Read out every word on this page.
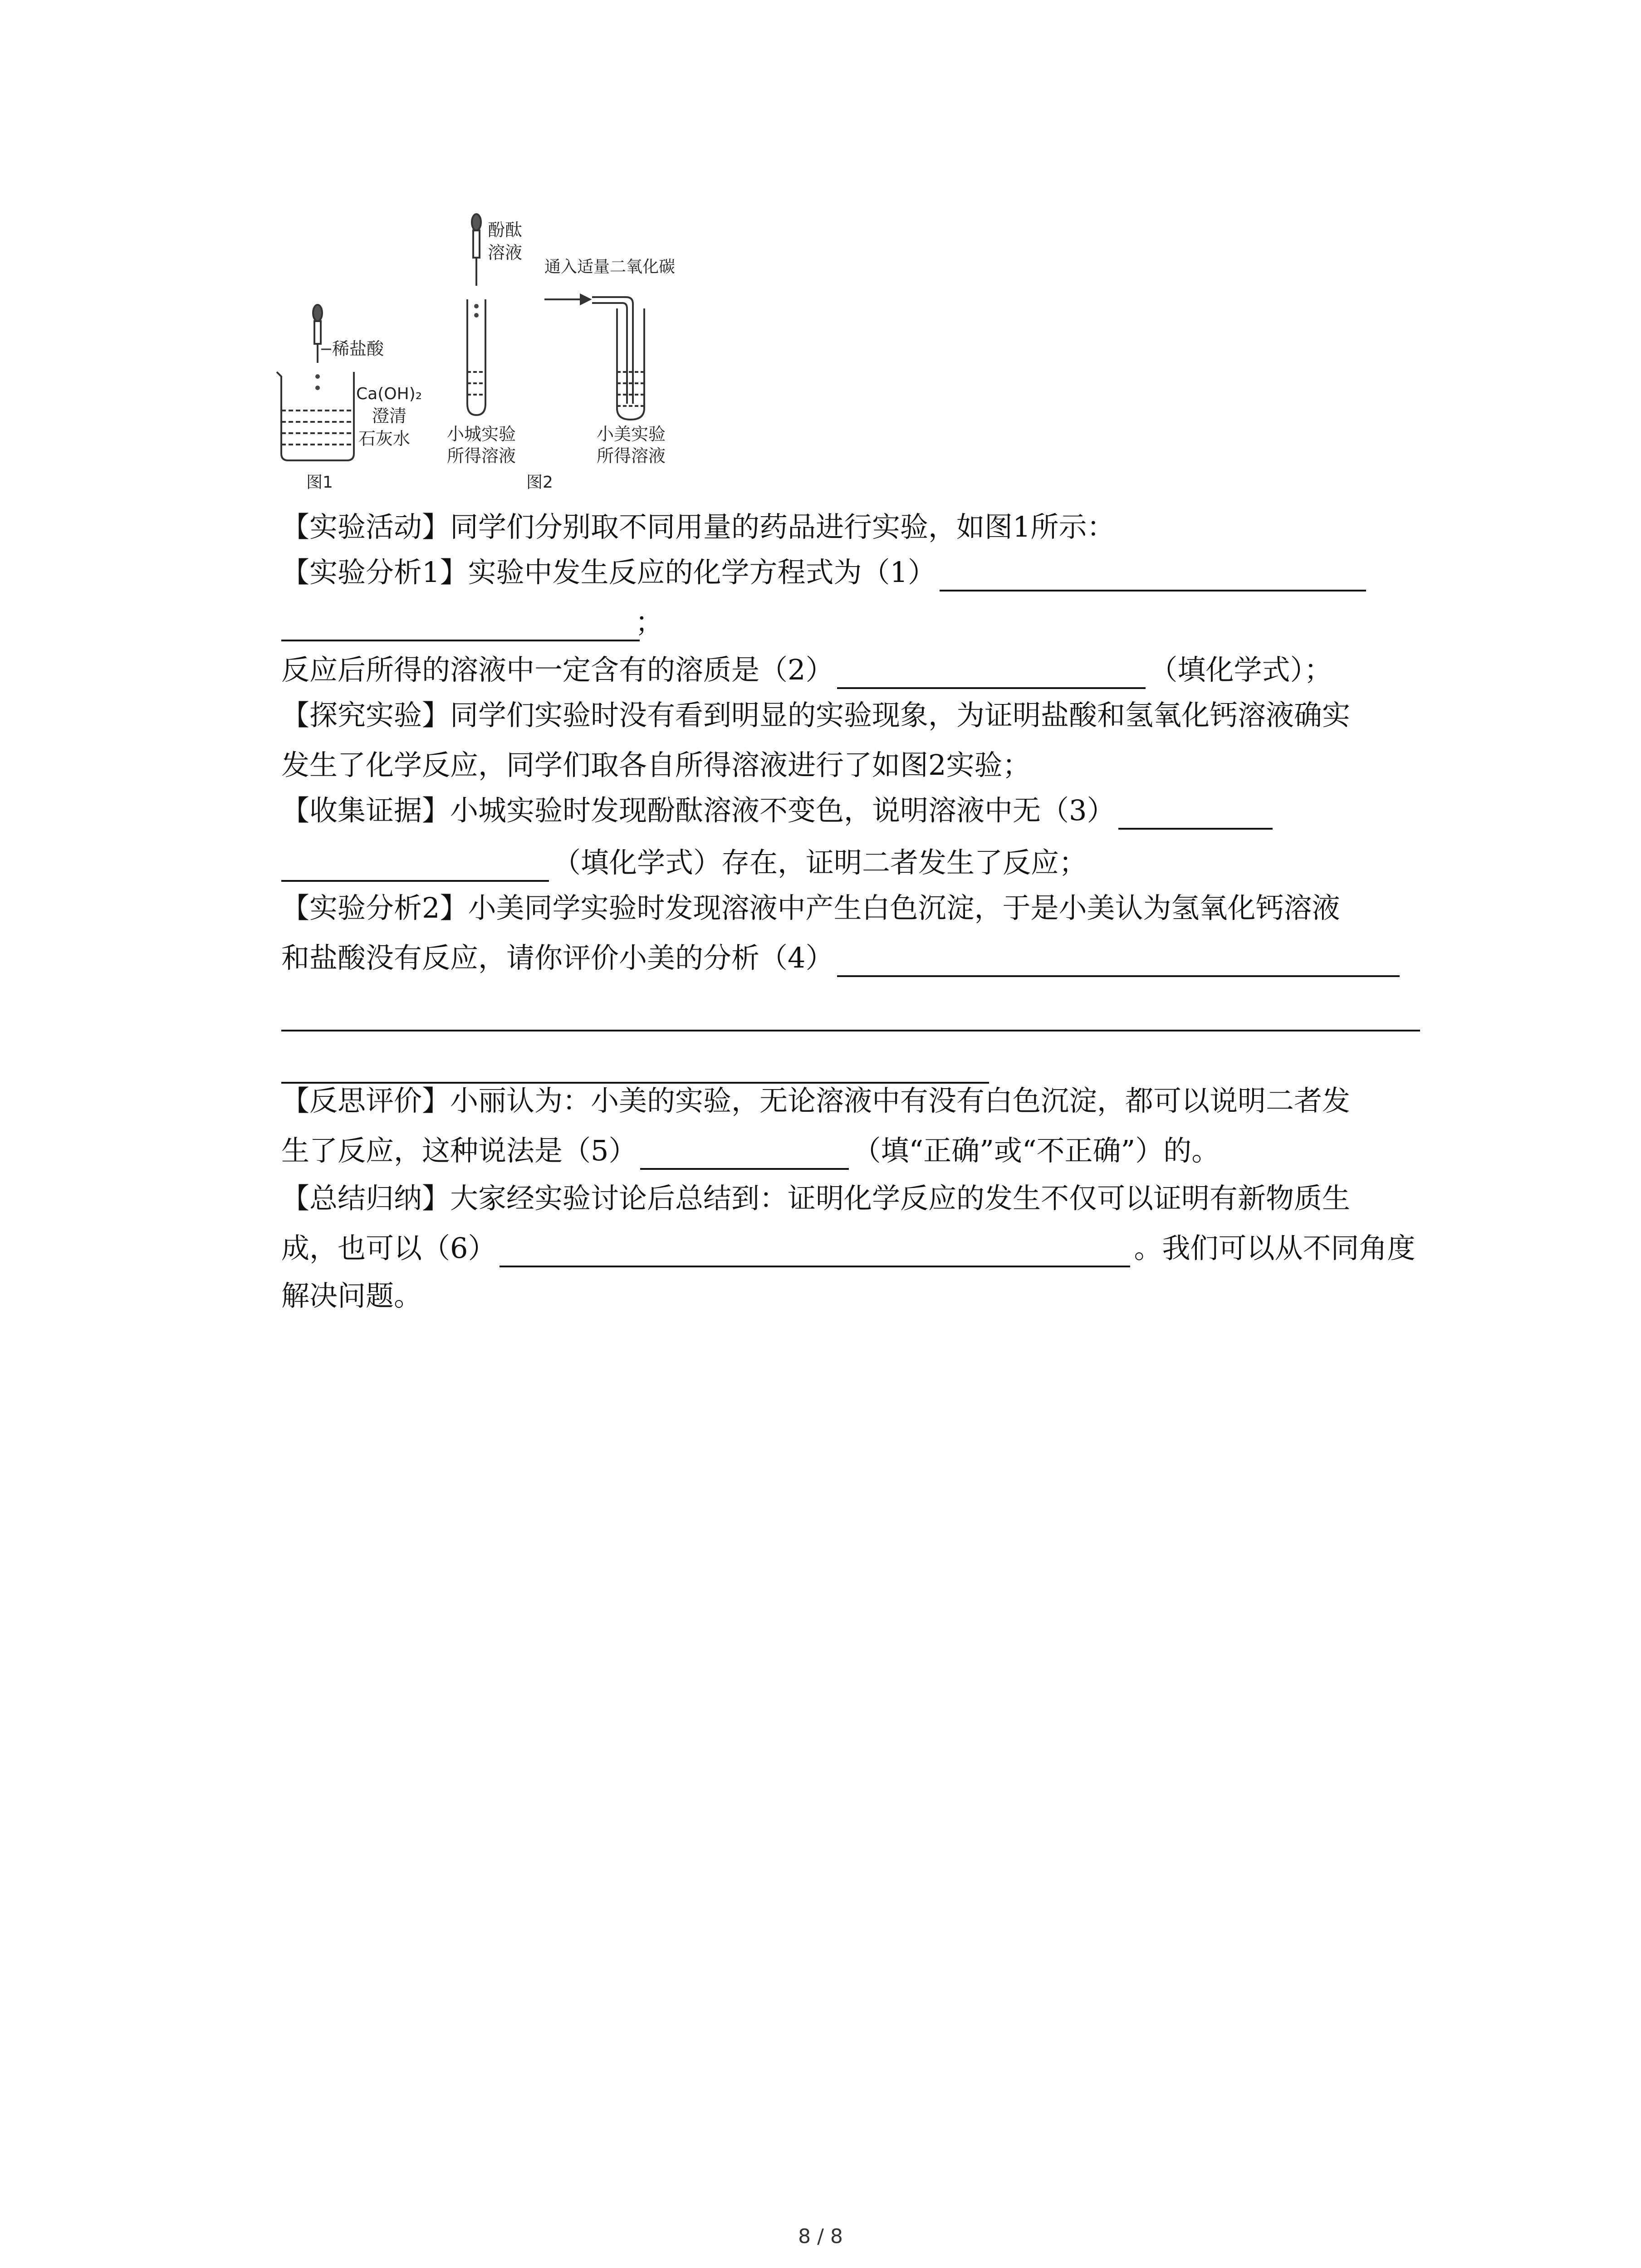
稀盐酸
Ca(OH)₂
澄清
石灰水
图1
酚酞
溶液
小城实验
所得溶液
图2
通入适量二氧化碳
小美实验
所得溶液
【实验活动】同学们分别取不同用量的药品进行实验，如图1所示：
【实验分析1】实验中发生反应的化学方程式为（1）
；
反应后所得的溶液中一定含有的溶质是（2）	（填化学式）；
【探究实验】同学们实验时没有看到明显的实验现象，为证明盐酸和氢氧化钙溶液确实
发生了化学反应，同学们取各自所得溶液进行了如图2实验；
【收集证据】小城实验时发现酚酞溶液不变色，说明溶液中无（3）
（填化学式）存在，证明二者发生了反应；
【实验分析2】小美同学实验时发现溶液中产生白色沉淀，于是小美认为氢氧化钙溶液
和盐酸没有反应，请你评价小美的分析（4）
【反思评价】小丽认为：小美的实验，无论溶液中有没有白色沉淀，都可以说明二者发
生了反应，这种说法是（5）	（填“正确”或“不正确”）的。
【总结归纳】大家经实验讨论后总结到：证明化学反应的发生不仅可以证明有新物质生
成，也可以（6）	。我们可以从不同角度
解决问题。
8 / 8
